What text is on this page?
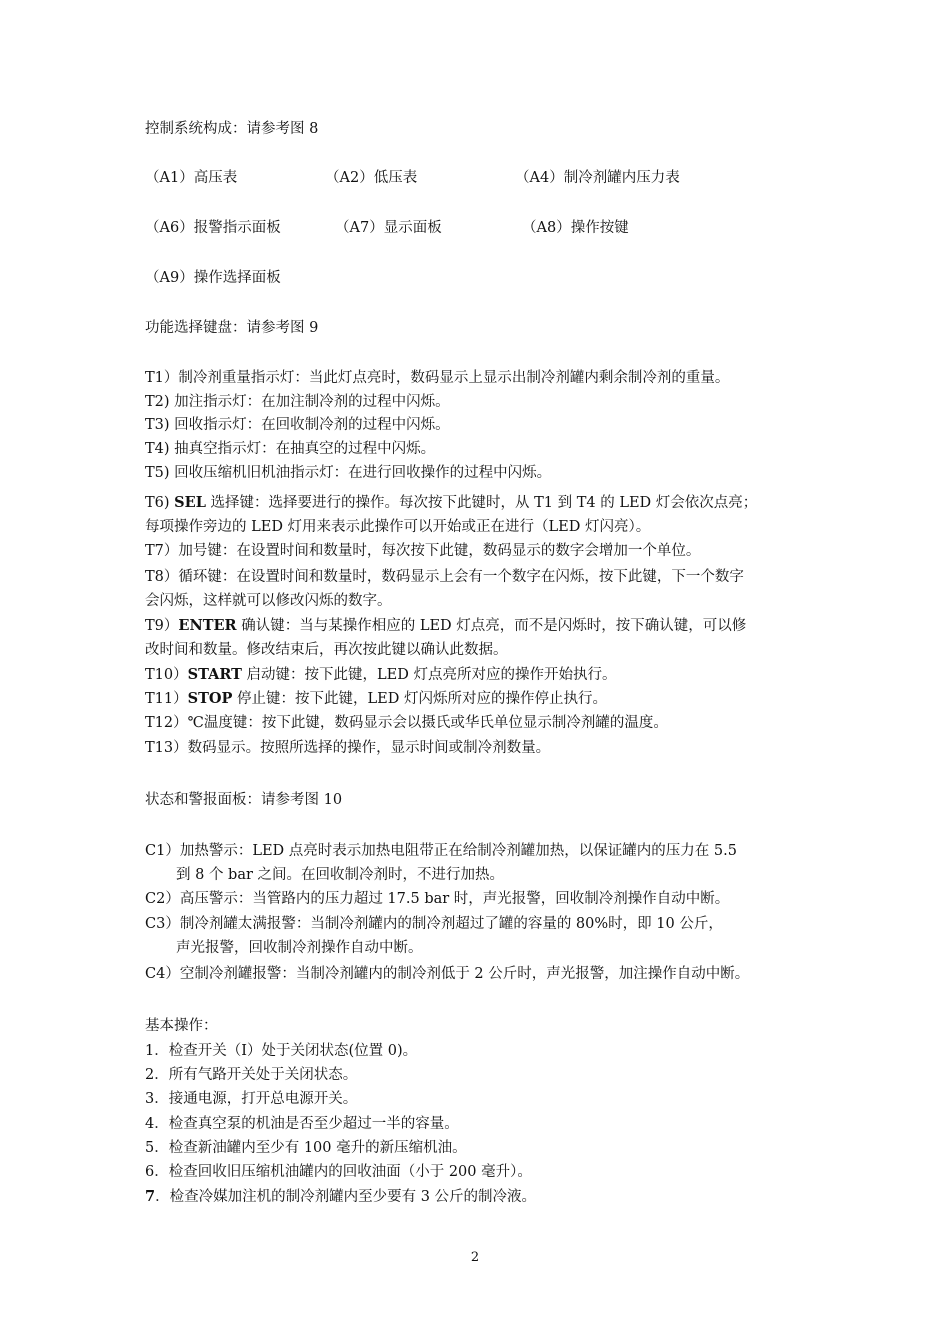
控制系统构成：请参考图 8
（A1）高压表	（A2）低压表	（A4）制冷剂罐内压力表
（A6）报警指示面板	（A7）显示面板	（A8）操作按键
（A9）操作选择面板
功能选择键盘：请参考图 9
T1）制冷剂重量指示灯：当此灯点亮时，数码显示上显示出制冷剂罐内剩余制冷剂的重量。
T2) 加注指示灯：在加注制冷剂的过程中闪烁。
T3) 回收指示灯：在回收制冷剂的过程中闪烁。
T4) 抽真空指示灯：在抽真空的过程中闪烁。
T5) 回收压缩机旧机油指示灯：在进行回收操作的过程中闪烁。
T6) SEL 选择键：选择要进行的操作。每次按下此键时，从 T1 到 T4 的 LED 灯会依次点亮；
每项操作旁边的 LED 灯用来表示此操作可以开始或正在进行（LED 灯闪亮）。
T7）加号键：在设置时间和数量时，每次按下此键，数码显示的数字会增加一个单位。
T8）循环键：在设置时间和数量时，数码显示上会有一个数字在闪烁，按下此键，下一个数字
会闪烁，这样就可以修改闪烁的数字。
T9）ENTER 确认键：当与某操作相应的 LED 灯点亮，而不是闪烁时，按下确认键，可以修
改时间和数量。修改结束后，再次按此键以确认此数据。
T10）START 启动键：按下此键，LED 灯点亮所对应的操作开始执行。
T11）STOP 停止键：按下此键，LED 灯闪烁所对应的操作停止执行。
T12）℃温度键：按下此键，数码显示会以摄氏或华氏单位显示制冷剂罐的温度。
T13）数码显示。按照所选择的操作，显示时间或制冷剂数量。
状态和警报面板：请参考图 10
C1）加热警示：LED 点亮时表示加热电阻带正在给制冷剂罐加热，以保证罐内的压力在 5.5
到 8 个 bar 之间。在回收制冷剂时，不进行加热。
C2）高压警示：当管路内的压力超过 17.5 bar 时，声光报警，回收制冷剂操作自动中断。
C3）制冷剂罐太满报警：当制冷剂罐内的制冷剂超过了罐的容量的 80%时，即 10 公斤，
声光报警，回收制冷剂操作自动中断。
C4）空制冷剂罐报警：当制冷剂罐内的制冷剂低于 2 公斤时，声光报警，加注操作自动中断。
基本操作：
1．检查开关（I）处于关闭状态(位置 0)。
2．所有气路开关处于关闭状态。
3．接通电源，打开总电源开关。
4．检查真空泵的机油是否至少超过一半的容量。
5．检查新油罐内至少有 100 毫升的新压缩机油。
6．检查回收旧压缩机油罐内的回收油面（小于 200 毫升）。
7．检查冷媒加注机的制冷剂罐内至少要有 3 公斤的制冷液。
2
